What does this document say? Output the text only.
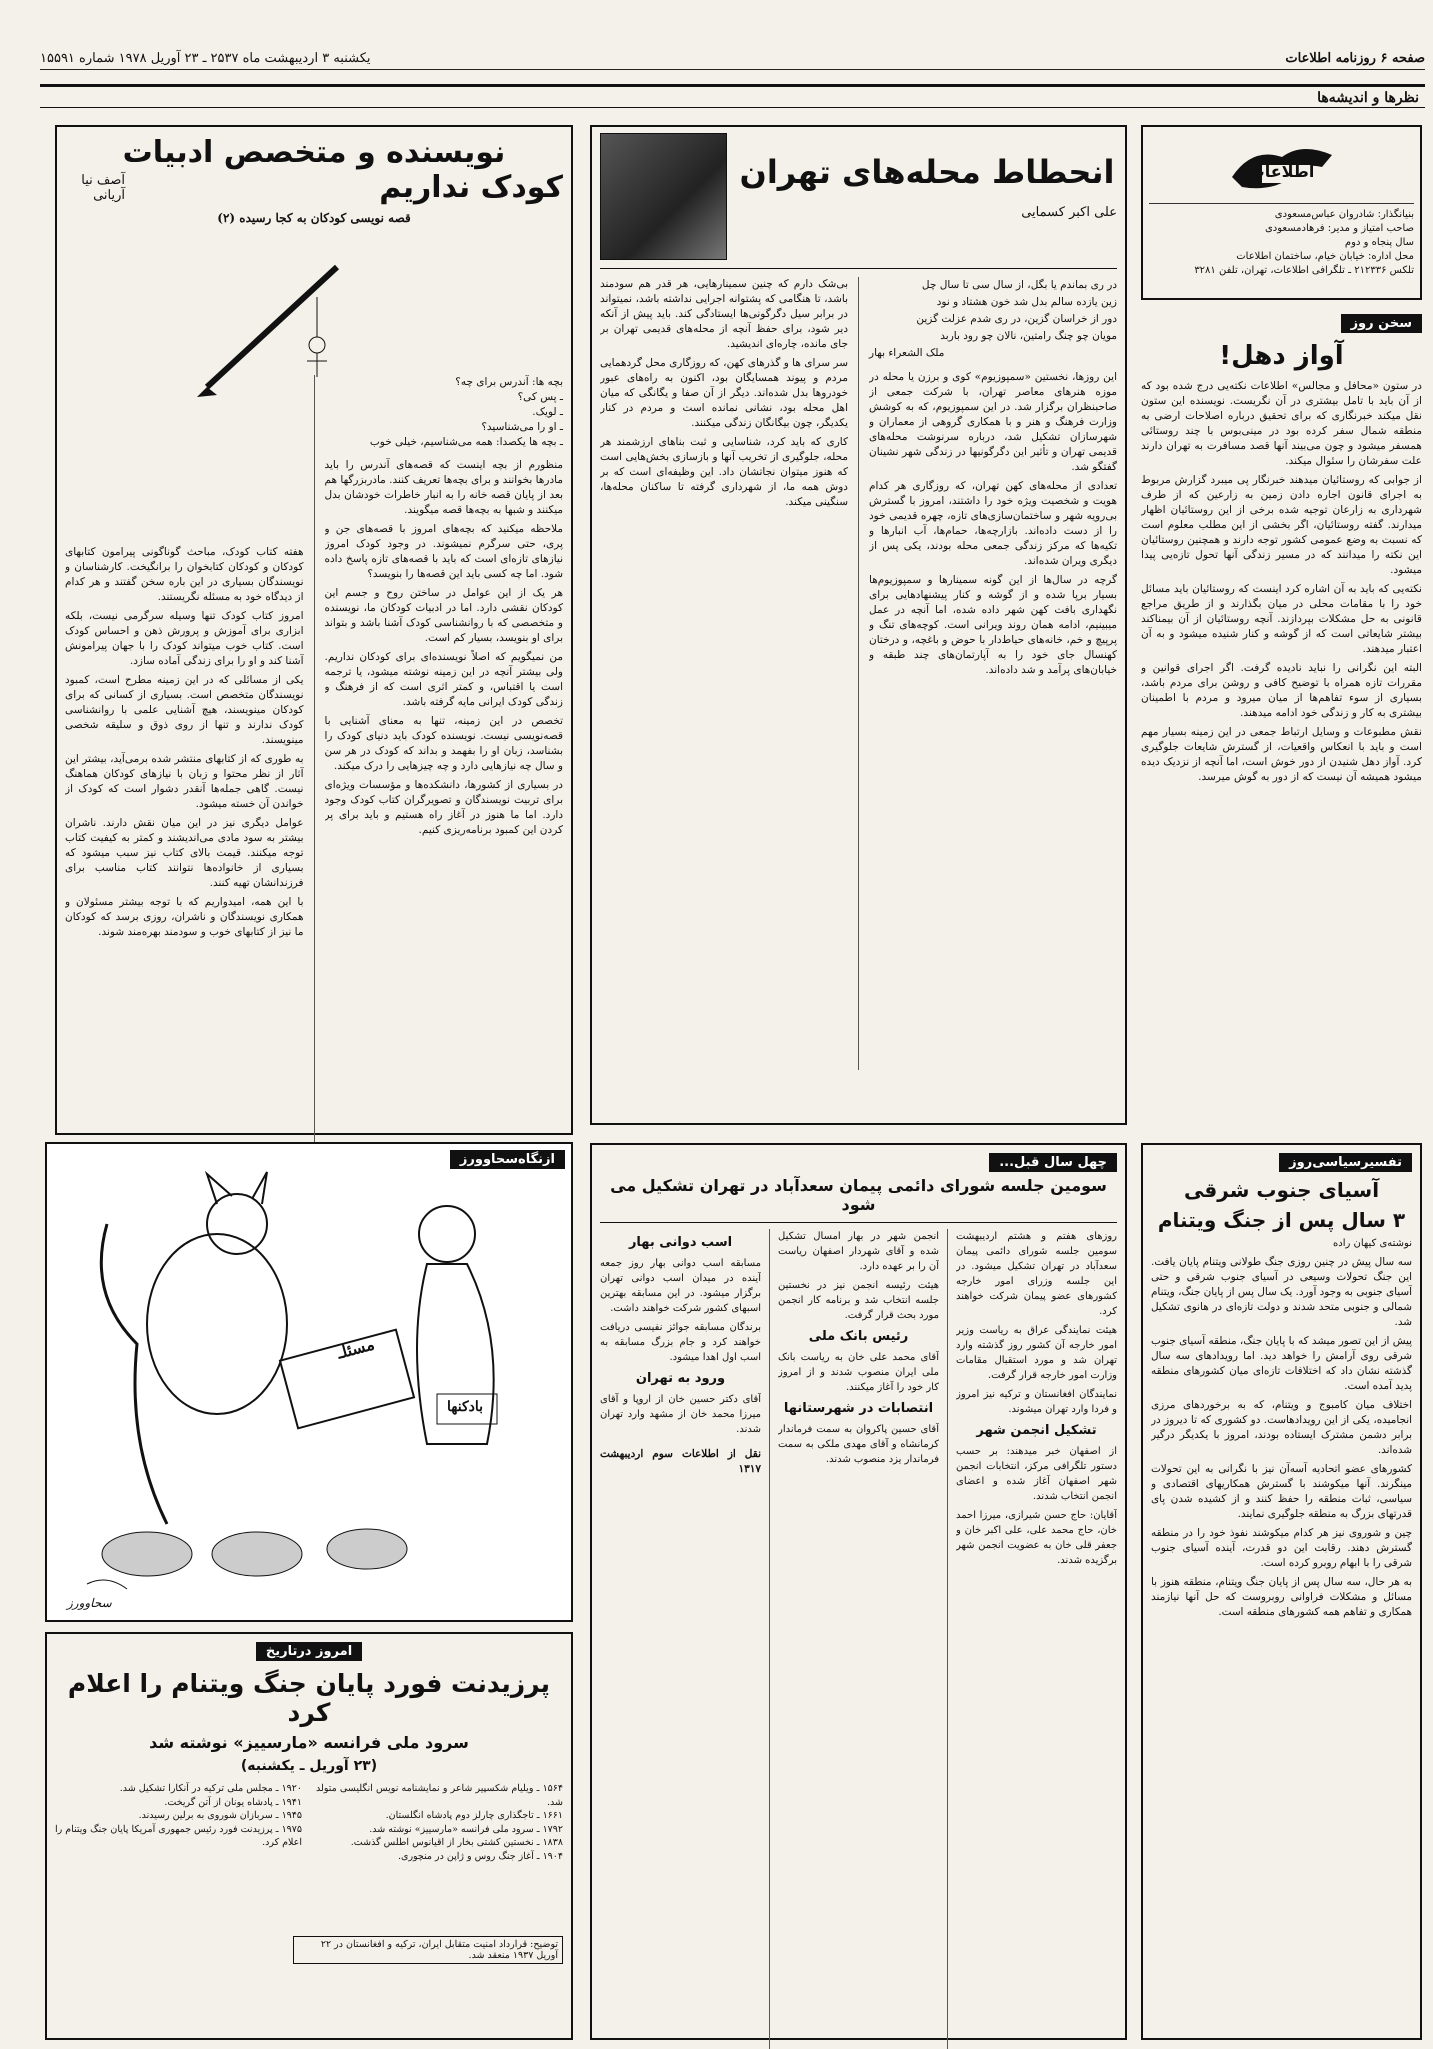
صفحه ۶ روزنامه اطلاعات
یکشنبه ۳ اردیبهشت ماه ۲۵۳۷ ـ ۲۳ آوریل ۱۹۷۸ شماره ۱۵۵۹۱
نظرها و اندیشه‌ها
اطلاعات
بنیانگذار: شادروان عباس‌مسعودی
صاحب امتیاز و مدیر: فرهادمسعودی
سال پنجاه و دوم
محل اداره: خیابان خیام، ساختمان اطلاعات
تلکس ۲۱۲۳۳۶ ـ تلگرافی اطلاعات، تهران، تلفن ۳۲۸۱
سخن روز
آواز دهل!

در ستون «محافل و مجالس» اطلاعات نکته‌یی درج شده بود که از آن باید با تامل بیشتری در آن نگریست. نویسنده این ستون نقل میکند خبرنگاری که برای تحقیق درباره اصلاحات ارضی به منطقه شمال سفر کرده بود در مینی‌بوس با چند روستائی همسفر میشود و چون می‌بیند آنها قصد مسافرت به تهران دارند علت سفرشان را سئوال میکند.

از جوابی که روستائیان میدهند خبرنگار پی میبرد گزارش مربوط به اجرای قانون اجاره دادن زمین به زارعین که از طرف شهرداری به زارعان توجیه شده برخی از این روستائیان اظهار میدارند. گفته روستائیان، اگر بخشی از این مطلب معلوم است که نسبت به وضع عمومی کشور توجه دارند و همچنین روستائیان این نکته را میدانند که در مسیر زندگی آنها تحول تازه‌یی پیدا میشود.

نکته‌یی که باید به آن اشاره کرد اینست که روستائیان باید مسائل خود را با مقامات محلی در میان بگذارند و از طریق مراجع قانونی به حل مشکلات بپردازند. آنچه روستائیان از آن بیمناکند بیشتر شایعاتی است که از گوشه و کنار شنیده میشود و به آن اعتبار میدهند.

البته این نگرانی را نباید نادیده گرفت. اگر اجرای قوانین و مقررات تازه همراه با توضیح کافی و روشن برای مردم باشد، بسیاری از سوء تفاهم‌ها از میان میرود و مردم با اطمینان بیشتری به کار و زندگی خود ادامه میدهند.

نقش مطبوعات و وسایل ارتباط جمعی در این زمینه بسیار مهم است و باید با انعکاس واقعیات، از گسترش شایعات جلوگیری کرد. آواز دهل شنیدن از دور خوش است، اما آنچه از نزدیک دیده میشود همیشه آن نیست که از دور به گوش میرسد.

انحطاط محله‌های تهران
علی اکبر کسمایی
در ری بماندم یا بگل، از سال سی تا سال چل
زین یازده سالم بدل شد خون هشتاد و نود
دور از خراسان گزین، در ری شدم عزلت گزین
مویان چو چنگ رامتین، نالان چو رود باربد
ملک الشعراء بهار

این روزها، نخستین «سمپوزیوم» کوی و برزن یا محله در موزه هنرهای معاصر تهران، با شرکت جمعی از صاحبنظران برگزار شد. در این سمپوزیوم، که به کوشش وزارت فرهنگ و هنر و با همکاری گروهی از معماران و شهرسازان تشکیل شد، درباره سرنوشت محله‌های قدیمی تهران و تأثیر این دگرگونیها در زندگی شهر نشینان گفتگو شد.

تعدادی از محله‌های کهن تهران، که روزگاری هر کدام هویت و شخصیت ویژه خود را داشتند، امروز با گسترش بی‌رویه شهر و ساختمان‌سازی‌های تازه، چهره قدیمی خود را از دست داده‌اند. بازارچه‌ها، حمام‌ها، آب انبارها و تکیه‌ها که مرکز زندگی جمعی محله بودند، یکی پس از دیگری ویران شده‌اند.

گرچه در سال‌ها از این گونه سمینارها و سمپوزیوم‌ها بسیار برپا شده و از گوشه و کنار پیشنهادهایی برای نگهداری بافت کهن شهر داده شده، اما آنچه در عمل میبینیم، ادامه همان روند ویرانی است. کوچه‌های تنگ و پرپیچ و خم، خانه‌های حیاط‌دار با حوض و باغچه، و درختان کهنسال جای خود را به آپارتمان‌های چند طبقه و خیابان‌های پرآمد و شد داده‌اند.

بی‌شک دارم که چنین سمینارهایی، هر قدر هم سودمند باشد، تا هنگامی که پشتوانه اجرایی نداشته باشد، نمیتواند در برابر سیل دگرگونی‌ها ایستادگی کند. باید پیش از آنکه دیر شود، برای حفظ آنچه از محله‌های قدیمی تهران بر جای مانده، چاره‌ای اندیشید.

سر سرای ها و گذرهای کهن، که روزگاری محل گردهمایی مردم و پیوند همسایگان بود، اکنون به راه‌های عبور خودروها بدل شده‌اند. دیگر از آن صفا و یگانگی که میان اهل محله بود، نشانی نمانده است و مردم در کنار یکدیگر، چون بیگانگان زندگی میکنند.

کاری که باید کرد، شناسایی و ثبت بناهای ارزشمند هر محله، جلوگیری از تخریب آنها و بازسازی بخش‌هایی است که هنوز میتوان نجاتشان داد. این وظیفه‌ای است که بر دوش همه ما، از شهرداری گرفته تا ساکنان محله‌ها، سنگینی میکند.

نویسنده و متخصص ادبیات
کودک نداریم
آصف نیا آریانی
قصه نویسی کودکان به کجا رسیده (۲)
بچه ها: آندرس برای چه؟
ـ پس کی؟
ـ لویک.
ـ او را می‌شناسید؟
ـ بچه ها یکصدا: همه می‌شناسیم، خیلی خوب

منظورم از بچه اینست که قصه‌های آندرس را باید مادرها بخوانند و برای بچه‌ها تعریف کنند. مادربزرگها هم بعد از پایان قصه خانه را به انبار خاطرات خودشان بدل میکنند و شبها به بچه‌ها قصه میگویند.

ملاحظه میکنید که بچه‌های امروز با قصه‌های جن و پری، حتی سرگرم نمیشوند. در وجود کودک امروز نیازهای تازه‌ای است که باید با قصه‌های تازه پاسخ داده شود. اما چه کسی باید این قصه‌ها را بنویسد؟

هر یک از این عوامل در ساختن روح و جسم این کودکان نقشی دارد. اما در ادبیات کودکان ما، نویسنده و متخصصی که با روانشناسی کودک آشنا باشد و بتواند برای او بنویسد، بسیار کم است.

من نمیگویم که اصلاً نویسنده‌ای برای کودکان نداریم. ولی بیشتر آنچه در این زمینه نوشته میشود، یا ترجمه است یا اقتباس، و کمتر اثری است که از فرهنگ و زندگی کودک ایرانی مایه گرفته باشد.

تخصص در این زمینه، تنها به معنای آشنایی با قصه‌نویسی نیست. نویسنده کودک باید دنیای کودک را بشناسد، زبان او را بفهمد و بداند که کودک در هر سن و سال چه نیازهایی دارد و چه چیزهایی را درک میکند.

در بسیاری از کشورها، دانشکده‌ها و مؤسسات ویژه‌ای برای تربیت نویسندگان و تصویرگران کتاب کودک وجود دارد. اما ما هنوز در آغاز راه هستیم و باید برای پر کردن این کمبود برنامه‌ریزی کنیم.

هفته کتاب کودک، مباحث گوناگونی پیرامون کتابهای کودکان و کودکان کتابخوان را برانگیخت. کارشناسان و نویسندگان بسیاری در این باره سخن گفتند و هر کدام از دیدگاه خود به مسئله نگریستند.

امروز کتاب کودک تنها وسیله سرگرمی نیست، بلکه ابزاری برای آموزش و پرورش ذهن و احساس کودک است. کتاب خوب میتواند کودک را با جهان پیرامونش آشنا کند و او را برای زندگی آماده سازد.

یکی از مسائلی که در این زمینه مطرح است، کمبود نویسندگان متخصص است. بسیاری از کسانی که برای کودکان مینویسند، هیچ آشنایی علمی با روانشناسی کودک ندارند و تنها از روی ذوق و سلیقه شخصی مینویسند.

به طوری که از کتابهای منتشر شده برمی‌آید، بیشتر این آثار از نظر محتوا و زبان با نیازهای کودکان هماهنگ نیست. گاهی جمله‌ها آنقدر دشوار است که کودک از خواندن آن خسته میشود.

عوامل دیگری نیز در این میان نقش دارند. ناشران بیشتر به سود مادی می‌اندیشند و کمتر به کیفیت کتاب توجه میکنند. قیمت بالای کتاب نیز سبب میشود که بسیاری از خانواده‌ها نتوانند کتاب مناسب برای فرزندانشان تهیه کنند.

با این همه، امیدواریم که با توجه بیشتر مسئولان و همکاری نویسندگان و ناشران، روزی برسد که کودکان ما نیز از کتابهای خوب و سودمند بهره‌مند شوند.

ازنگاه‌سحاوورز
مسئلـ
بادکنها
سحاوورز
امروز درتاریخ
پرزیدنت فورد پایان جنگ ویتنام را اعلام کرد
سرود ملی فرانسه «مارسییز» نوشته شد
(۲۳ آوریل ـ یکشنبه)
۱۵۶۴ ـ ویلیام شکسپیر شاعر و نمایشنامه نویس انگلیسی متولد شد.
۱۶۶۱ ـ تاجگذاری چارلز دوم پادشاه انگلستان.
۱۷۹۲ ـ سرود ملی فرانسه «مارسییز» نوشته شد.
۱۸۳۸ ـ نخستین کشتی بخار از اقیانوس اطلس گذشت.
۱۹۰۴ ـ آغاز جنگ روس و ژاپن در منچوری.
۱۹۲۰ ـ مجلس ملی ترکیه در آنکارا تشکیل شد.
۱۹۴۱ ـ پادشاه یونان از آتن گریخت.
۱۹۴۵ ـ سربازان شوروی به برلین رسیدند.
۱۹۷۵ ـ پرزیدنت فورد رئیس جمهوری آمریکا پایان جنگ ویتنام را اعلام کرد.
توضیح: قرارداد امنیت متقابل ایران، ترکیه و افغانستان در ۲۲ آوریل ۱۹۳۷ منعقد شد.
چهل سال قبل...
سومین جلسه شورای دائمی پیمان سعدآباد در تهران تشکیل می شود

روزهای هفتم و هشتم اردیبهشت سومین جلسه شورای دائمی پیمان سعدآباد در تهران تشکیل میشود. در این جلسه وزرای امور خارجه کشورهای عضو پیمان شرکت خواهند کرد.

هیئت نمایندگی عراق به ریاست وزیر امور خارجه آن کشور روز گذشته وارد تهران شد و مورد استقبال مقامات وزارت امور خارجه قرار گرفت.

نمایندگان افغانستان و ترکیه نیز امروز و فردا وارد تهران میشوند.

تشکیل انجمن شهر

از اصفهان خبر میدهند: بر حسب دستور تلگرافی مرکز، انتخابات انجمن شهر اصفهان آغاز شده و اعضای انجمن انتخاب شدند.

آقایان: حاج حسن شیرازی، میرزا احمد خان، حاج محمد علی، علی اکبر خان و جعفر قلی خان به عضویت انجمن شهر برگزیده شدند.

انجمن شهر در بهار امسال تشکیل شده و آقای شهردار اصفهان ریاست آن را بر عهده دارد.

هیئت رئیسه انجمن نیز در نخستین جلسه انتخاب شد و برنامه کار انجمن مورد بحث قرار گرفت.

رئیس بانک ملی

آقای محمد علی خان به ریاست بانک ملی ایران منصوب شدند و از امروز کار خود را آغاز میکنند.

انتصابات در شهرستانها

آقای حسین پاکروان به سمت فرماندار کرمانشاه و آقای مهدی ملکی به سمت فرماندار یزد منصوب شدند.

اسب دوانی بهار

مسابقه اسب دوانی بهار روز جمعه آینده در میدان اسب دوانی تهران برگزار میشود. در این مسابقه بهترین اسبهای کشور شرکت خواهند داشت.

برندگان مسابقه جوائز نفیسی دریافت خواهند کرد و جام بزرگ مسابقه به اسب اول اهدا میشود.

ورود به تهران

آقای دکتر حسین خان از اروپا و آقای میرزا محمد خان از مشهد وارد تهران شدند.

نقل از اطلاعات سوم اردیبهشت ۱۳۱۷
تفسیرسیاسی‌روز
آسیای جنوب شرقی
۳ سال پس از جنگ ویتنام
نوشته‌ی کیهان راده

سه سال پیش در چنین روزی جنگ طولانی ویتنام پایان یافت. این جنگ تحولات وسیعی در آسیای جنوب شرقی و حتی آسیای جنوبی به وجود آورد. یک سال پس از پایان جنگ، ویتنام شمالی و جنوبی متحد شدند و دولت تازه‌ای در هانوی تشکیل شد.

پیش از این تصور میشد که با پایان جنگ، منطقه آسیای جنوب شرقی روی آرامش را خواهد دید. اما رویدادهای سه سال گذشته نشان داد که اختلافات تازه‌ای میان کشورهای منطقه پدید آمده است.

اختلاف میان کامبوج و ویتنام، که به برخوردهای مرزی انجامیده، یکی از این رویدادهاست. دو کشوری که تا دیروز در برابر دشمن مشترک ایستاده بودند، امروز با یکدیگر درگیر شده‌اند.

کشورهای عضو اتحادیه آسه‌آن نیز با نگرانی به این تحولات مینگرند. آنها میکوشند با گسترش همکاریهای اقتصادی و سیاسی، ثبات منطقه را حفظ کنند و از کشیده شدن پای قدرتهای بزرگ به منطقه جلوگیری نمایند.

چین و شوروی نیز هر کدام میکوشند نفوذ خود را در منطقه گسترش دهند. رقابت این دو قدرت، آینده آسیای جنوب شرقی را با ابهام روبرو کرده است.

به هر حال، سه سال پس از پایان جنگ ویتنام، منطقه هنوز با مسائل و مشکلات فراوانی روبروست که حل آنها نیازمند همکاری و تفاهم همه کشورهای منطقه است.
